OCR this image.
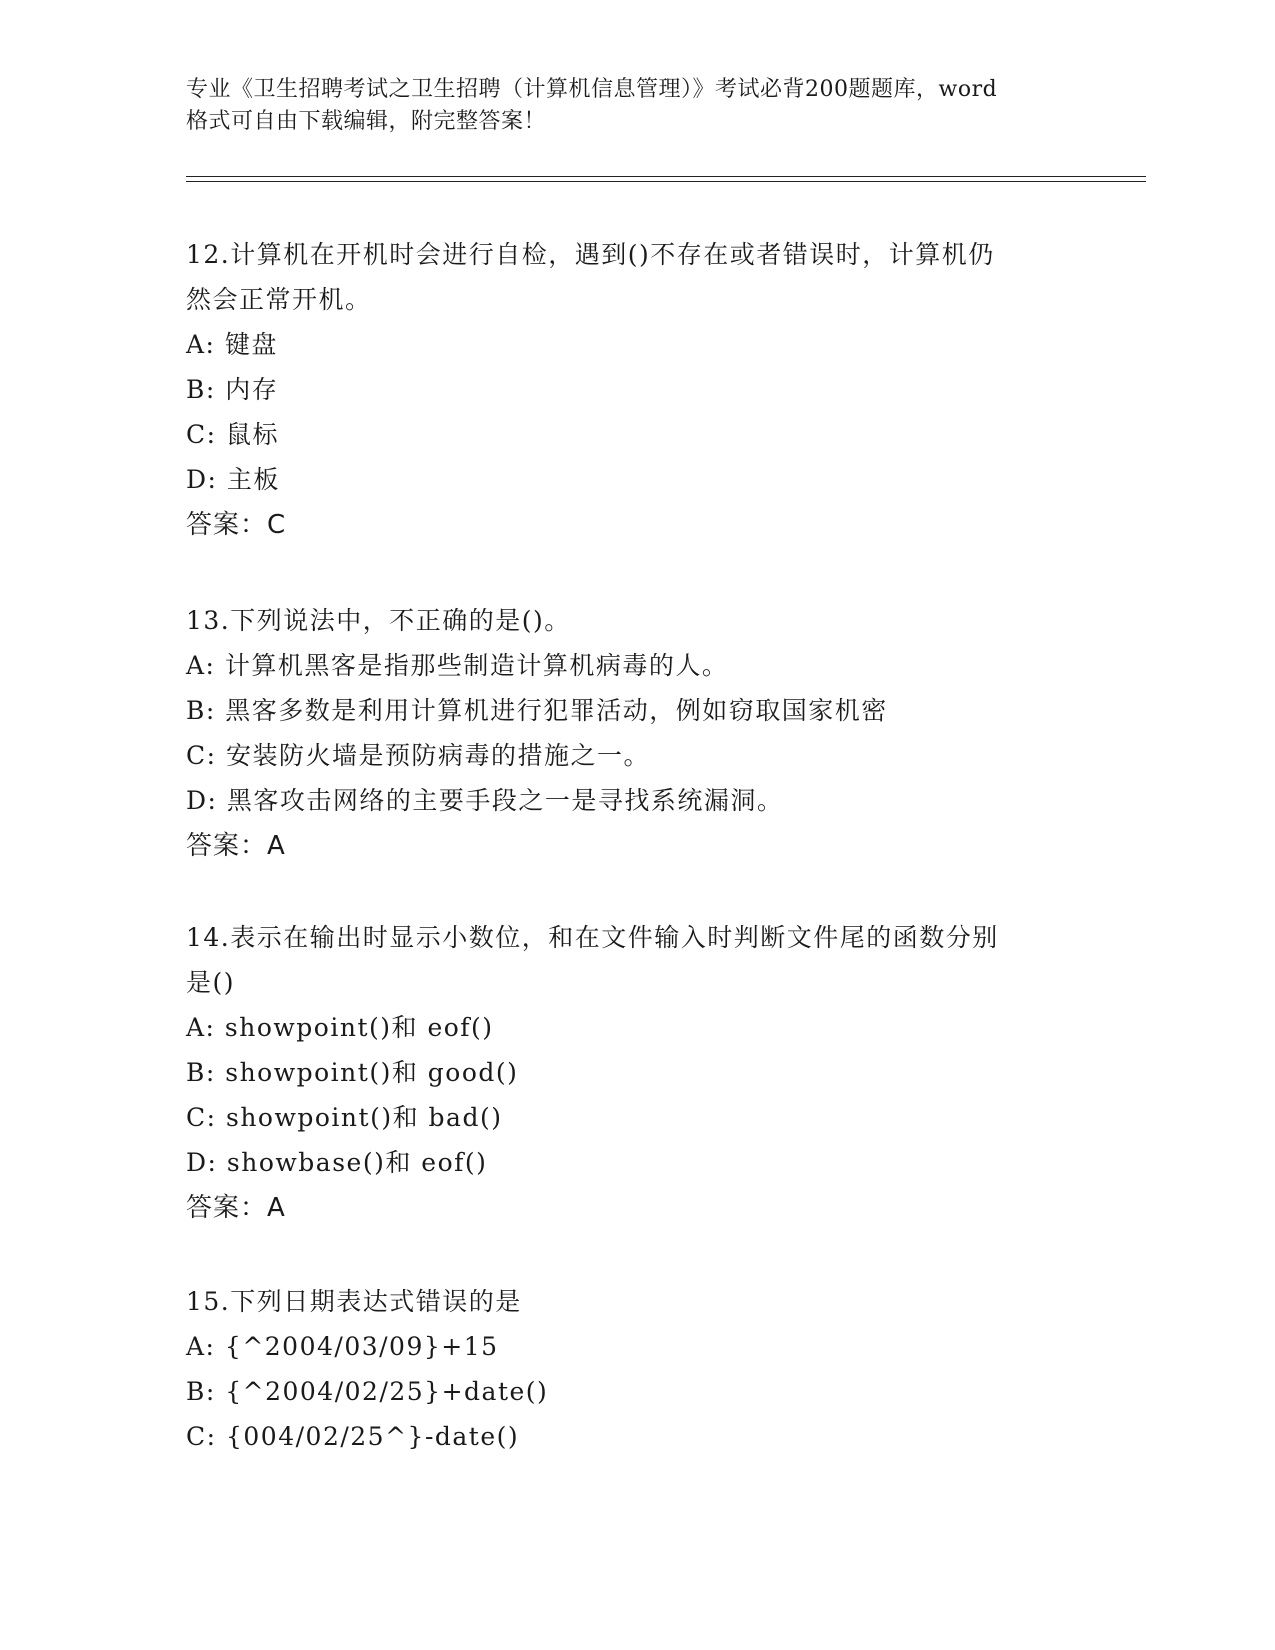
专业《卫生招聘考试之卫生招聘（计算机信息管理）》考试必背200题题库，word
格式可自由下载编辑，附完整答案！

12.计算机在开机时会进行自检，遇到()不存在或者错误时，计算机仍

然会正常开机。

A: 键盘

B: 内存

C: 鼠标

D: 主板

答案：C

13.下列说法中，不正确的是()。

A: 计算机黑客是指那些制造计算机病毒的人。

B: 黑客多数是利用计算机进行犯罪活动，例如窃取国家机密

C: 安装防火墙是预防病毒的措施之一。

D: 黑客攻击网络的主要手段之一是寻找系统漏洞。

答案：A

14.表示在输出时显示小数位，和在文件输入时判断文件尾的函数分别

是()

A: showpoint()和 eof()

B: showpoint()和 good()

C: showpoint()和 bad()

D: showbase()和 eof()

答案：A

15.下列日期表达式错误的是

A: {^2004/03/09}+15

B: {^2004/02/25}+date()

C: {004/02/25^}-date()
